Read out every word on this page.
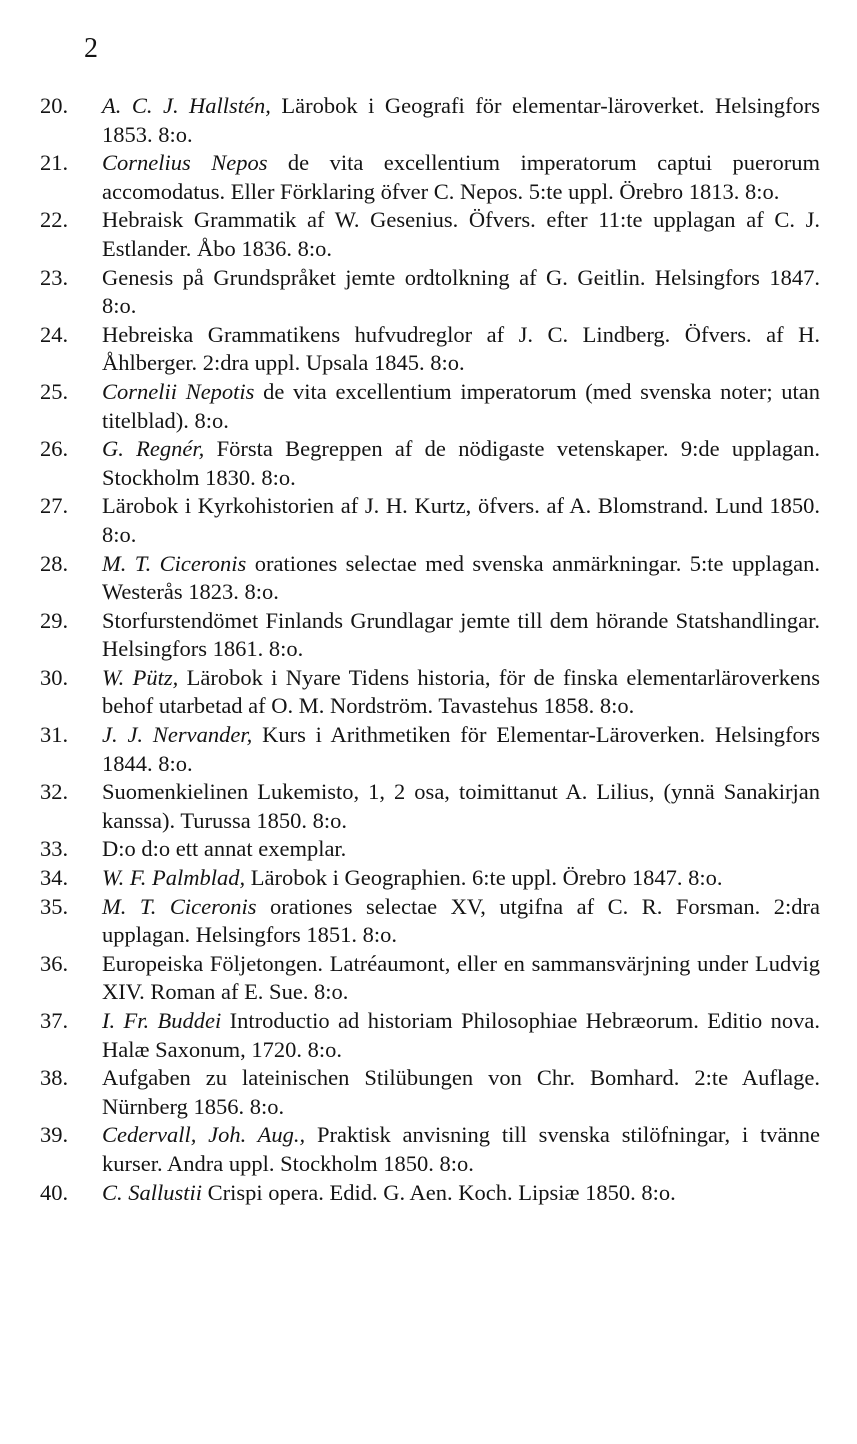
2

20.	A. C. J. Hallstén, Lärobok i Geografi för elementar-läroverket. Helsingfors 1853. 8:o.

21.	Cornelius Nepos de vita excellentium imperatorum captui puerorum accomodatus. Eller Förklaring öfver C. Nepos. 5:te uppl. Örebro 1813. 8:o.

22.	Hebraisk Grammatik af W. Gesenius. Öfvers. efter 11:te upplagan af C. J. Estlander. Åbo 1836. 8:o.

23.	Genesis på Grundspråket jemte ordtolkning af G. Geitlin. Helsingfors 1847. 8:o.

24.	Hebreiska Grammatikens hufvudreglor af J. C. Lindberg. Öfvers. af H. Åhlberger. 2:dra uppl. Upsala 1845. 8:o.

25.	Cornelii Nepotis de vita excellentium imperatorum (med svenska noter; utan titelblad). 8:o.

26.	G. Regnér, Första Begreppen af de nödigaste vetenskaper. 9:de upplagan. Stockholm 1830. 8:o.

27.	Lärobok i Kyrkohistorien af J. H. Kurtz, öfvers. af A. Blomstrand. Lund 1850. 8:o.

28.	M. T. Ciceronis orationes selectae med svenska anmärkningar. 5:te upplagan. Westerås 1823. 8:o.

29.	Storfurstendömet Finlands Grundlagar jemte till dem hörande Statshandlingar. Helsingfors 1861. 8:o.

30.	W. Pütz, Lärobok i Nyare Tidens historia, för de finska elementarläroverkens behof utarbetad af O. M. Nordström. Tavastehus 1858. 8:o.

31.	J. J. Nervander, Kurs i Arithmetiken för Elementar-Läroverken. Helsingfors 1844. 8:o.

32.	Suomenkielinen Lukemisto, 1, 2 osa, toimittanut A. Lilius, (ynnä Sanakirjan kanssa). Turussa 1850. 8:o.

33.	D:o d:o ett annat exemplar.

34.	W. F. Palmblad, Lärobok i Geographien. 6:te uppl. Örebro 1847. 8:o.

35.	M. T. Ciceronis orationes selectae XV, utgifna af C. R. Forsman. 2:dra upplagan. Helsingfors 1851. 8:o.

36.	Europeiska Följetongen. Latréaumont, eller en sammansvärjning under Ludvig XIV. Roman af E. Sue. 8:o.

37.	I. Fr. Buddei Introductio ad historiam Philosophiae Hebræorum. Editio nova. Halæ Saxonum, 1720. 8:o.

38.	Aufgaben zu lateinischen Stilübungen von Chr. Bomhard. 2:te Auflage. Nürnberg 1856. 8:o.

39.	Cedervall, Joh. Aug., Praktisk anvisning till svenska stilöfningar, i tvänne kurser. Andra uppl. Stockholm 1850. 8:o.

40.	C. Sallustii Crispi opera. Edid. G. Aen. Koch. Lipsiæ 1850. 8:o.
